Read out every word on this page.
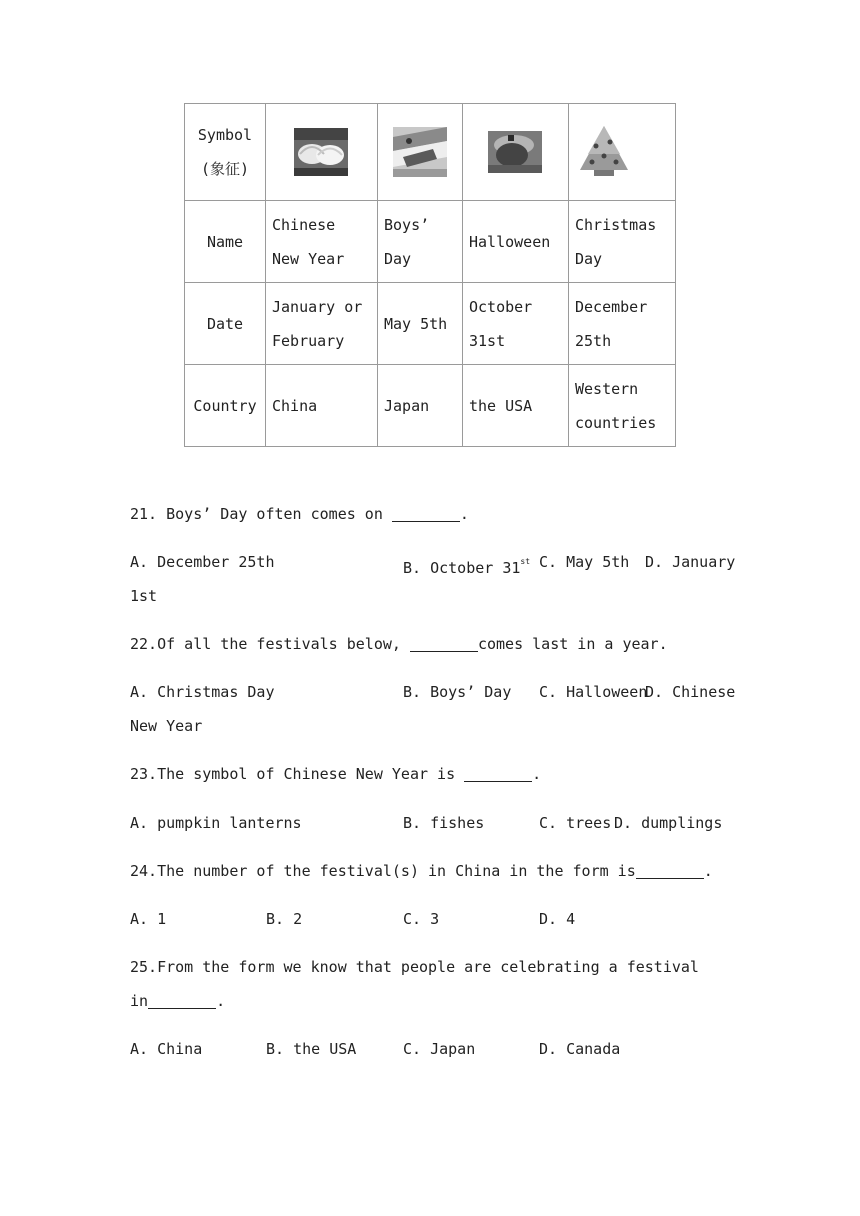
Symbol
(象征)

Name	Chinese New Year	Boys’ Day	Halloween	Christmas Day
Date	January or February	May 5th	October 31st	December 25th
Country	China	Japan	the USA	Western countries
21. Boys’ Day often comes on	.
A. December 25th	B. October 31st C. May 5th D. January
1st
22.Of all the festivals below,	comes last in a year.
A. Christmas Day	B. Boys’ Day C. Halloween
D. Chinese
New Year
23.The symbol of Chinese New Year is	.
A. pumpkin lanterns	B. fishes	C. trees D. dumplings
24.The number of the festival(s) in China in the form is	.
A. 1	B. 2	C. 3	D. 4
25.From the form we know that people are celebrating a festival
in	.
A. China	B. the USA	C. Japan	D. Canada
